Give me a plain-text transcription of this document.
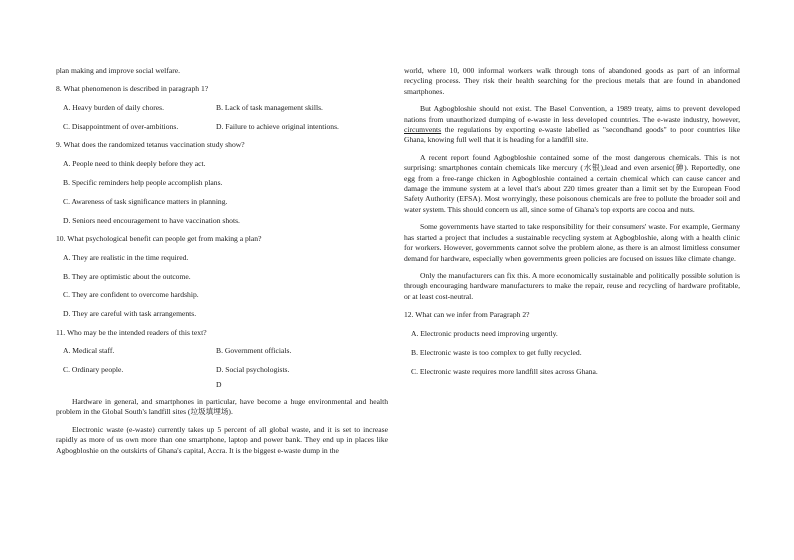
plan making and improve social welfare.

8. What phenomenon is described in paragraph 1?

A. Heavy burden of daily chores.	B. Lack of task management skills.
C. Disappointment of over-ambitions.	D. Failure to achieve original intentions.

9. What does the randomized tetanus vaccination study show?

A. People need to think deeply before they act.

B. Specific reminders help people accomplish plans.

C. Awareness of task significance matters in planning.

D. Seniors need encouragement to have vaccination shots.

10. What psychological benefit can people get from making a plan?

A. They are realistic in the time required.

B. They are optimistic about the outcome.

C. They are confident to overcome hardship.

D. They are careful with task arrangements.

11. Who may be the intended readers of this text?

A. Medical staff.	B. Government officials.
C. Ordinary people.	D. Social psychologists.

D

Hardware in general, and smartphones in particular, have become a huge environmental and health problem in the Global South's landfill sites (垃圾填埋场).

Electronic waste (e-waste) currently takes up 5 percent of all global waste, and it is set to increase rapidly as more of us own more than one smartphone, laptop and power bank. They end up in places like Agbogbloshie on the outskirts of Ghana's capital, Accra. It is the biggest e-waste dump in the

world, where 10, 000 informal workers walk through tons of abandoned goods as part of an informal recycling process. They risk their health searching for the precious metals that are found in abandoned smartphones.

But Agbogbloshie should not exist. The Basel Convention, a 1989 treaty, aims to prevent developed nations from unauthorized dumping of e-waste in less developed countries. The e-waste industry, however, circumvents the regulations by exporting e-waste labelled as "secondhand goods" to poor countries like Ghana, knowing full well that it is heading for a landfill site.

A recent report found Agbogbloshie contained some of the most dangerous chemicals. This is not surprising: smartphones contain chemicals like mercury (水银),lead and even arsenic(砷). Reportedly, one egg from a free-range chicken in Agbogbloshie contained a certain chemical which can cause cancer and damage the immune system at a level that's about 220 times greater than a limit set by the European Food Safety Authority (EFSA). Most worryingly, these poisonous chemicals are free to pollute the broader soil and water system. This should concern us all, since some of Ghana's top exports are cocoa and nuts.

Some governments have started to take responsibility for their consumers' waste. For example, Germany has started a project that includes a sustainable recycling system at Agbogbloshie, along with a health clinic for workers. However, governments cannot solve the problem alone, as there is an almost limitless consumer demand for hardware, especially when governments green policies are focused on issues like climate change.

Only the manufacturers can fix this. A more economically sustainable and politically possible solution is through encouraging hardware manufacturers to make the repair, reuse and recycling of hardware profitable, or at least cost-neutral.

12. What can we infer from Paragraph 2?

A. Electronic products need improving urgently.

B. Electronic waste is too complex to get fully recycled.

C. Electronic waste requires more landfill sites across Ghana.
